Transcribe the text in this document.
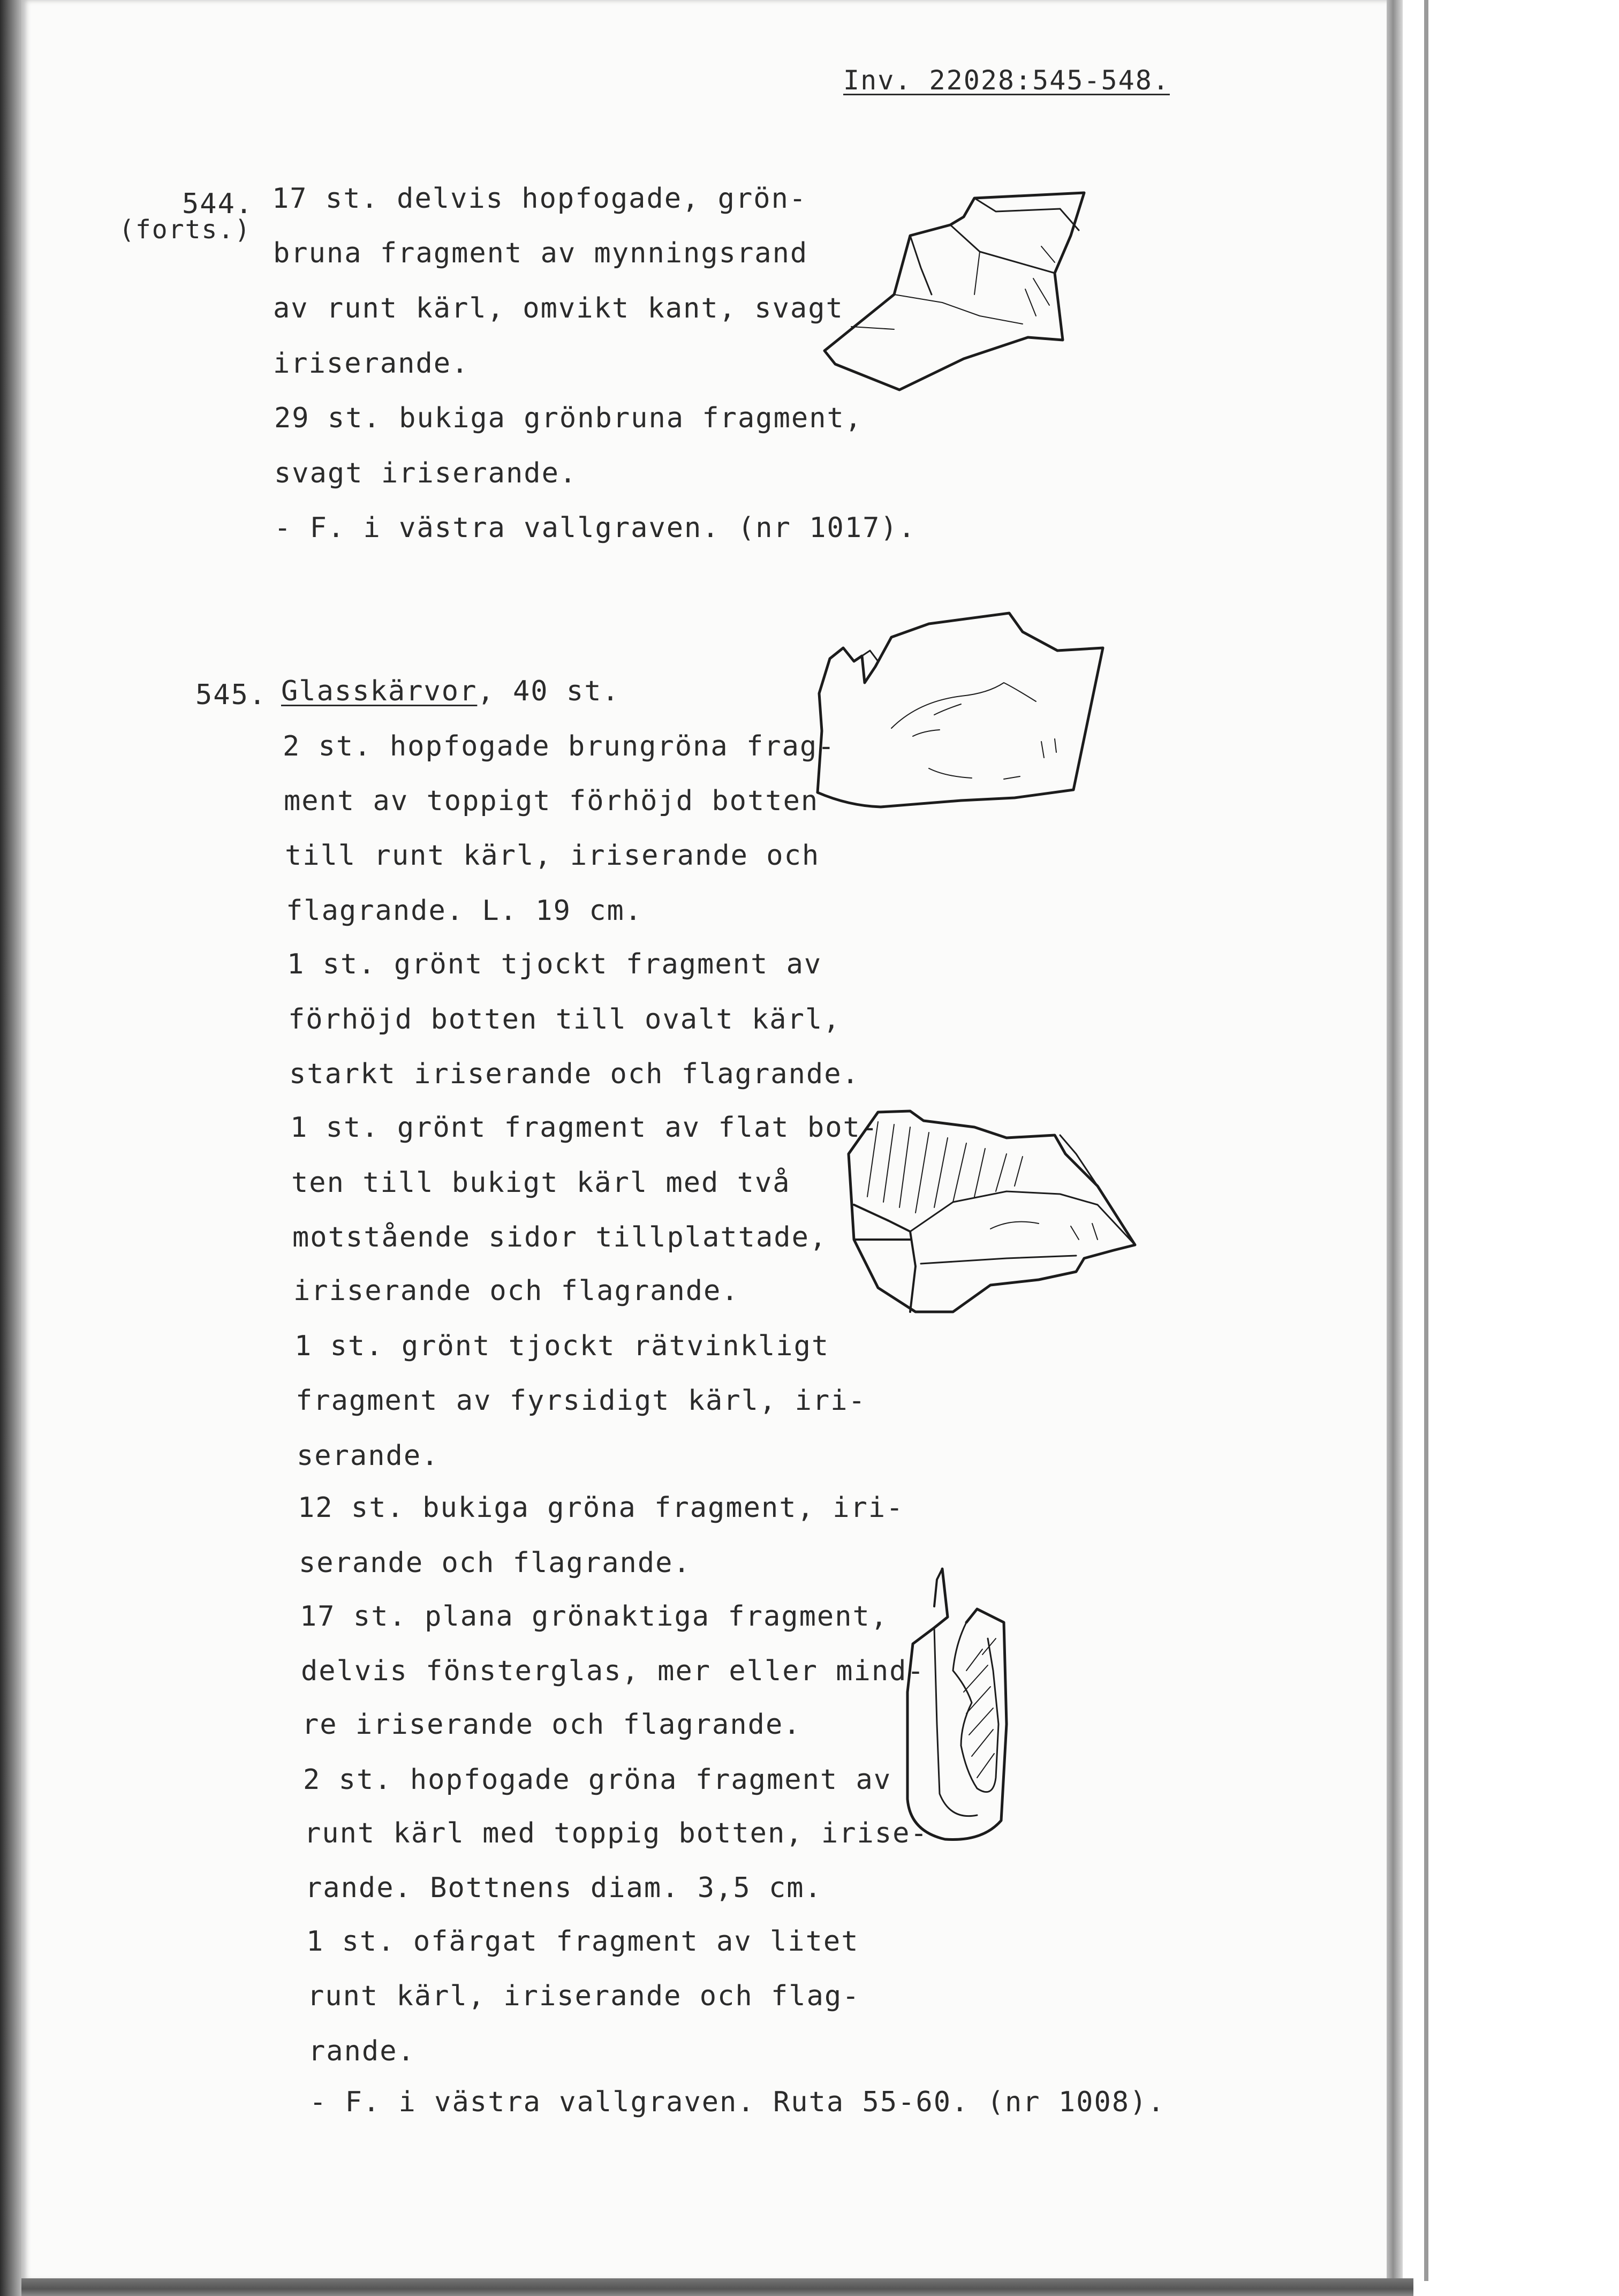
Inv. 22028:545-548.
544.
(forts.)
17 st. delvis hopfogade, grön-
bruna fragment av mynningsrand
av runt kärl, omvikt kant, svagt
iriserande.
29 st. bukiga grönbruna fragment,
svagt iriserande.
- F. i västra vallgraven. (nr 1017).
545. Glasskärvor, 40 st.
2 st. hopfogade brungröna frag-
ment av toppigt förhöjd botten
till runt kärl, iriserande och
flagrande. L. 19 cm.
1 st. grönt tjockt fragment av
förhöjd botten till ovalt kärl,
starkt iriserande och flagrande.
1 st. grönt fragment av flat bot-
ten till bukigt kärl med två
motstående sidor tillplattade,
iriserande och flagrande.
1 st. grönt tjockt rätvinkligt
fragment av fyrsidigt kärl, iri-
serande.
12 st. bukiga gröna fragment, iri-
serande och flagrande.
17 st. plana grönaktiga fragment,
delvis fönsterglas, mer eller mind-
re iriserande och flagrande.
2 st. hopfogade gröna fragment av
runt kärl med toppig botten, irise-
rande. Bottnens diam. 3,5 cm.
1 st. ofärgat fragment av litet
runt kärl, iriserande och flag-
rande.
- F. i västra vallgraven. Ruta 55-60. (nr 1008).
